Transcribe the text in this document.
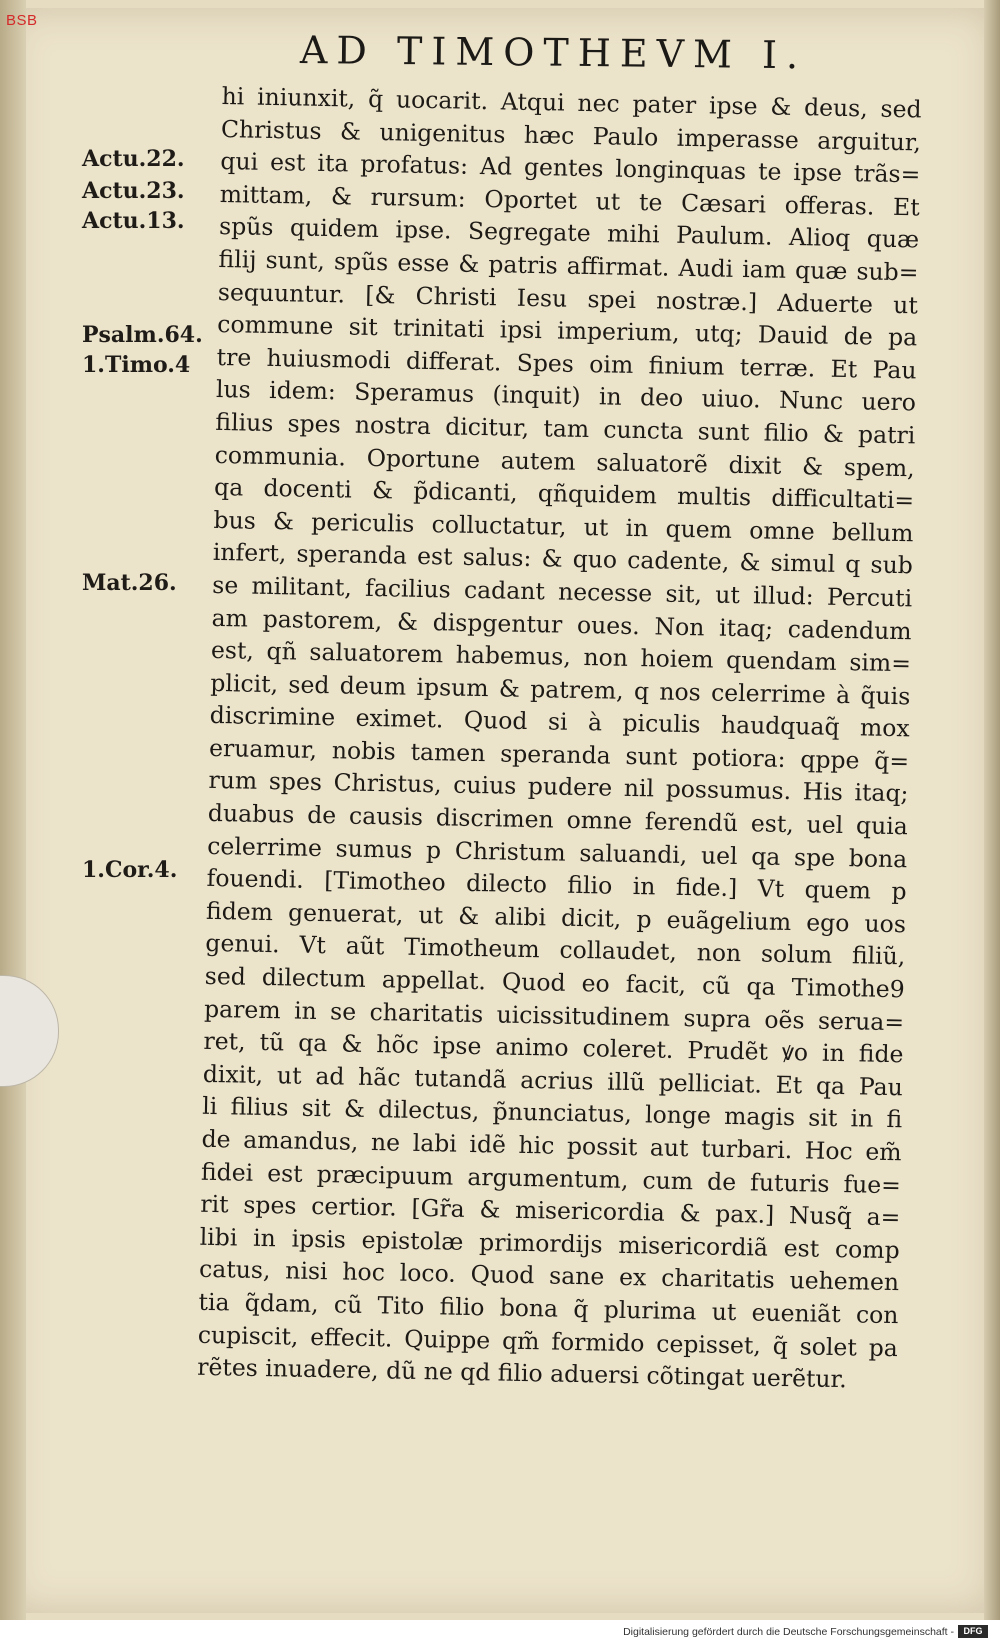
BSB
AD TIMOTHEVM I.
Actu.22.
Actu.23.
Actu.13.
Psalm.64.
1.Timo.4
Mat.26.
1.Cor.4.
hi iniunxit, q̃ uocarit. Atqui nec pater ipse & deus, sed
Christus & unigenitus hæc Paulo imperasse arguitur,
qui est ita profatus: Ad gentes longinquas te ipse trãs=
mittam, & rursum: Oportet ut te Cæsari offeras. Et
spũs quidem ipse. Segregate mihi Paulum. Alioq quæ
filij sunt, spũs esse & patris affirmat. Audi iam quæ sub=
sequuntur. [& Christi Iesu spei nostræ.] Aduerte ut
commune sit trinitati ipsi imperium, utq; Dauid de pa
tre huiusmodi differat. Spes oim finium terræ. Et Pau
lus idem: Speramus (inquit) in deo uiuo. Nunc uero
filius spes nostra dicitur, tam cuncta sunt filio & patri
communia. Oportune autem saluatorẽ dixit & spem,
qa docenti & p̃dicanti, qñquidem multis difficultati=
bus & periculis colluctatur, ut in quem omne bellum
infert, speranda est salus: & quo cadente, & simul q sub
se militant, facilius cadant necesse sit, ut illud: Percuti
am pastorem, & dispgentur oues. Non itaq; cadendum
est, qñ saluatorem habemus, non hoiem quendam sim=
plicit, sed deum ipsum & patrem, q nos celerrime à q̃uis
discrimine eximet. Quod si à piculis haudquaq̃ mox
eruamur, nobis tamen speranda sunt potiora: qppe q̃=
rum spes Christus, cuius pudere nil possumus. His itaq;
duabus de causis discrimen omne ferendũ est, uel quia
celerrime sumus p Christum saluandi, uel qa spe bona
fouendi. [Timotheo dilecto filio in fide.] Vt quem p
fidem genuerat, ut & alibi dicit, p euãgelium ego uos
genui. Vt aũt Timotheum collaudet, non solum filiũ,
sed dilectum appellat. Quod eo facit, cũ qa Timothe9
parem in se charitatis uicissitudinem supra oẽs serua=
ret, tũ qa & hõc ipse animo coleret. Prudẽt ꝟo in fide
dixit, ut ad hãc tutandã acrius illũ pelliciat. Et qa Pau
li filius sit & dilectus, p̃nunciatus, longe magis sit in fi
de amandus, ne labi idẽ hic possit aut turbari. Hoc em̃
fidei est præcipuum argumentum, cum de futuris fue=
rit spes certior. [Gr̃a & misericordia & pax.] Nusq̃ a=
libi in ipsis epistolæ primordijs misericordiã est comp
catus, nisi hoc loco. Quod sane ex charitatis uehemen
tia q̃dam, cũ Tito filio bona q̃ plurima ut eueniãt con
cupiscit, effecit. Quippe qm̃ formido cepisset, q̃ solet pa
rẽtes inuadere, dũ ne qd filio aduersi cõtingat uerẽtur.
Digitalisierung gefördert durch die Deutsche Forschungsgemeinschaft -	DFG
